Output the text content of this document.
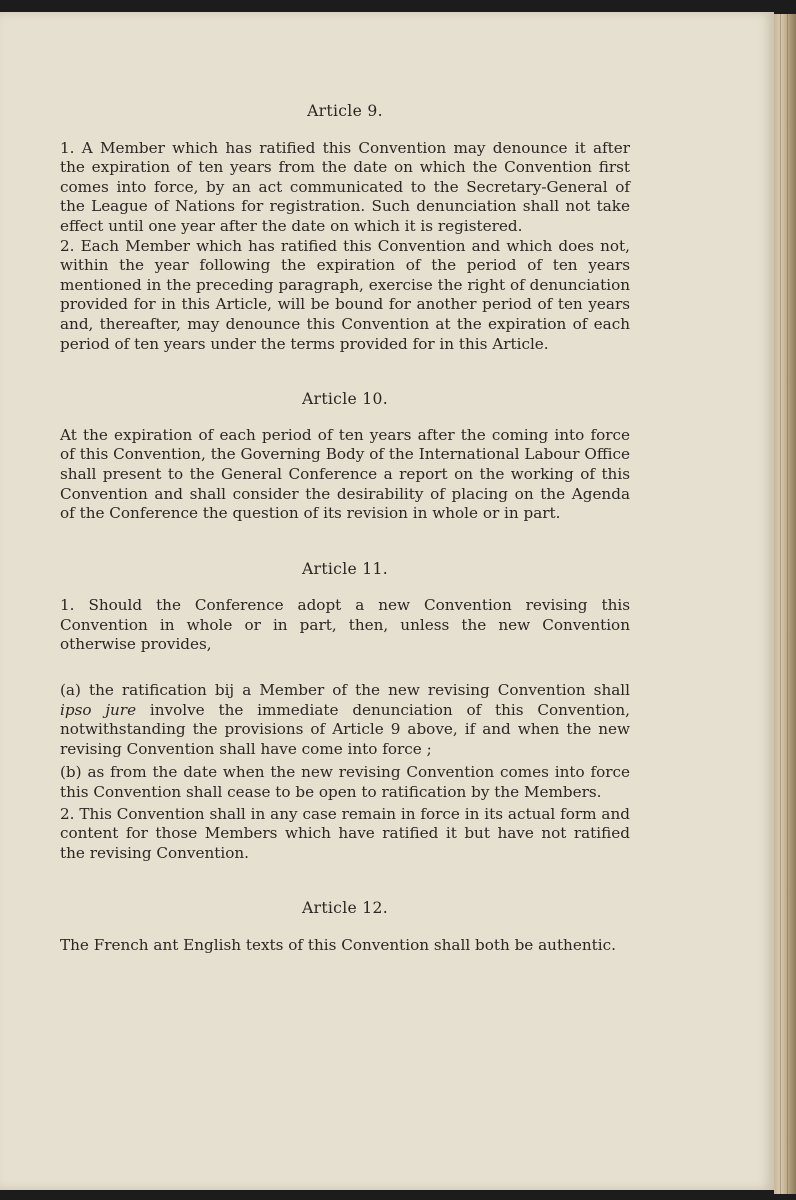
Article 9.

1. A Member which has ratified this Convention may denounce it after the expiration of ten years from the date on which the Convention first comes into force, by an act communicated to the Secretary-General of the League of Nations for registration. Such denunciation shall not take effect until one year after the date on which it is registered.

2. Each Member which has ratified this Convention and which does not, within the year following the expiration of the period of ten years mentioned in the preceding paragraph, exercise the right of denunciation provided for in this Article, will be bound for another period of ten years and, thereafter, may denounce this Convention at the expiration of each period of ten years under the terms provided for in this Article.

Article 10.

At the expiration of each period of ten years after the coming into force of this Convention, the Governing Body of the International Labour Office shall present to the General Conference a report on the working of this Convention and shall consider the desirability of placing on the Agenda of the Conference the question of its revision in whole or in part.

Article 11.

1. Should the Conference adopt a new Convention revising this Convention in whole or in part, then, unless the new Convention otherwise provides,

(a) the ratification bij a Member of the new revising Convention shall ipso jure involve the immediate denunciation of this Convention, notwithstanding the provisions of Article 9 above, if and when the new revising Convention shall have come into force ;

(b) as from the date when the new revising Convention comes into force this Convention shall cease to be open to ratification by the Members.

2. This Convention shall in any case remain in force in its actual form and content for those Members which have ratified it but have not ratified the revising Convention.

Article 12.

The French ant English texts of this Convention shall both be authentic.
